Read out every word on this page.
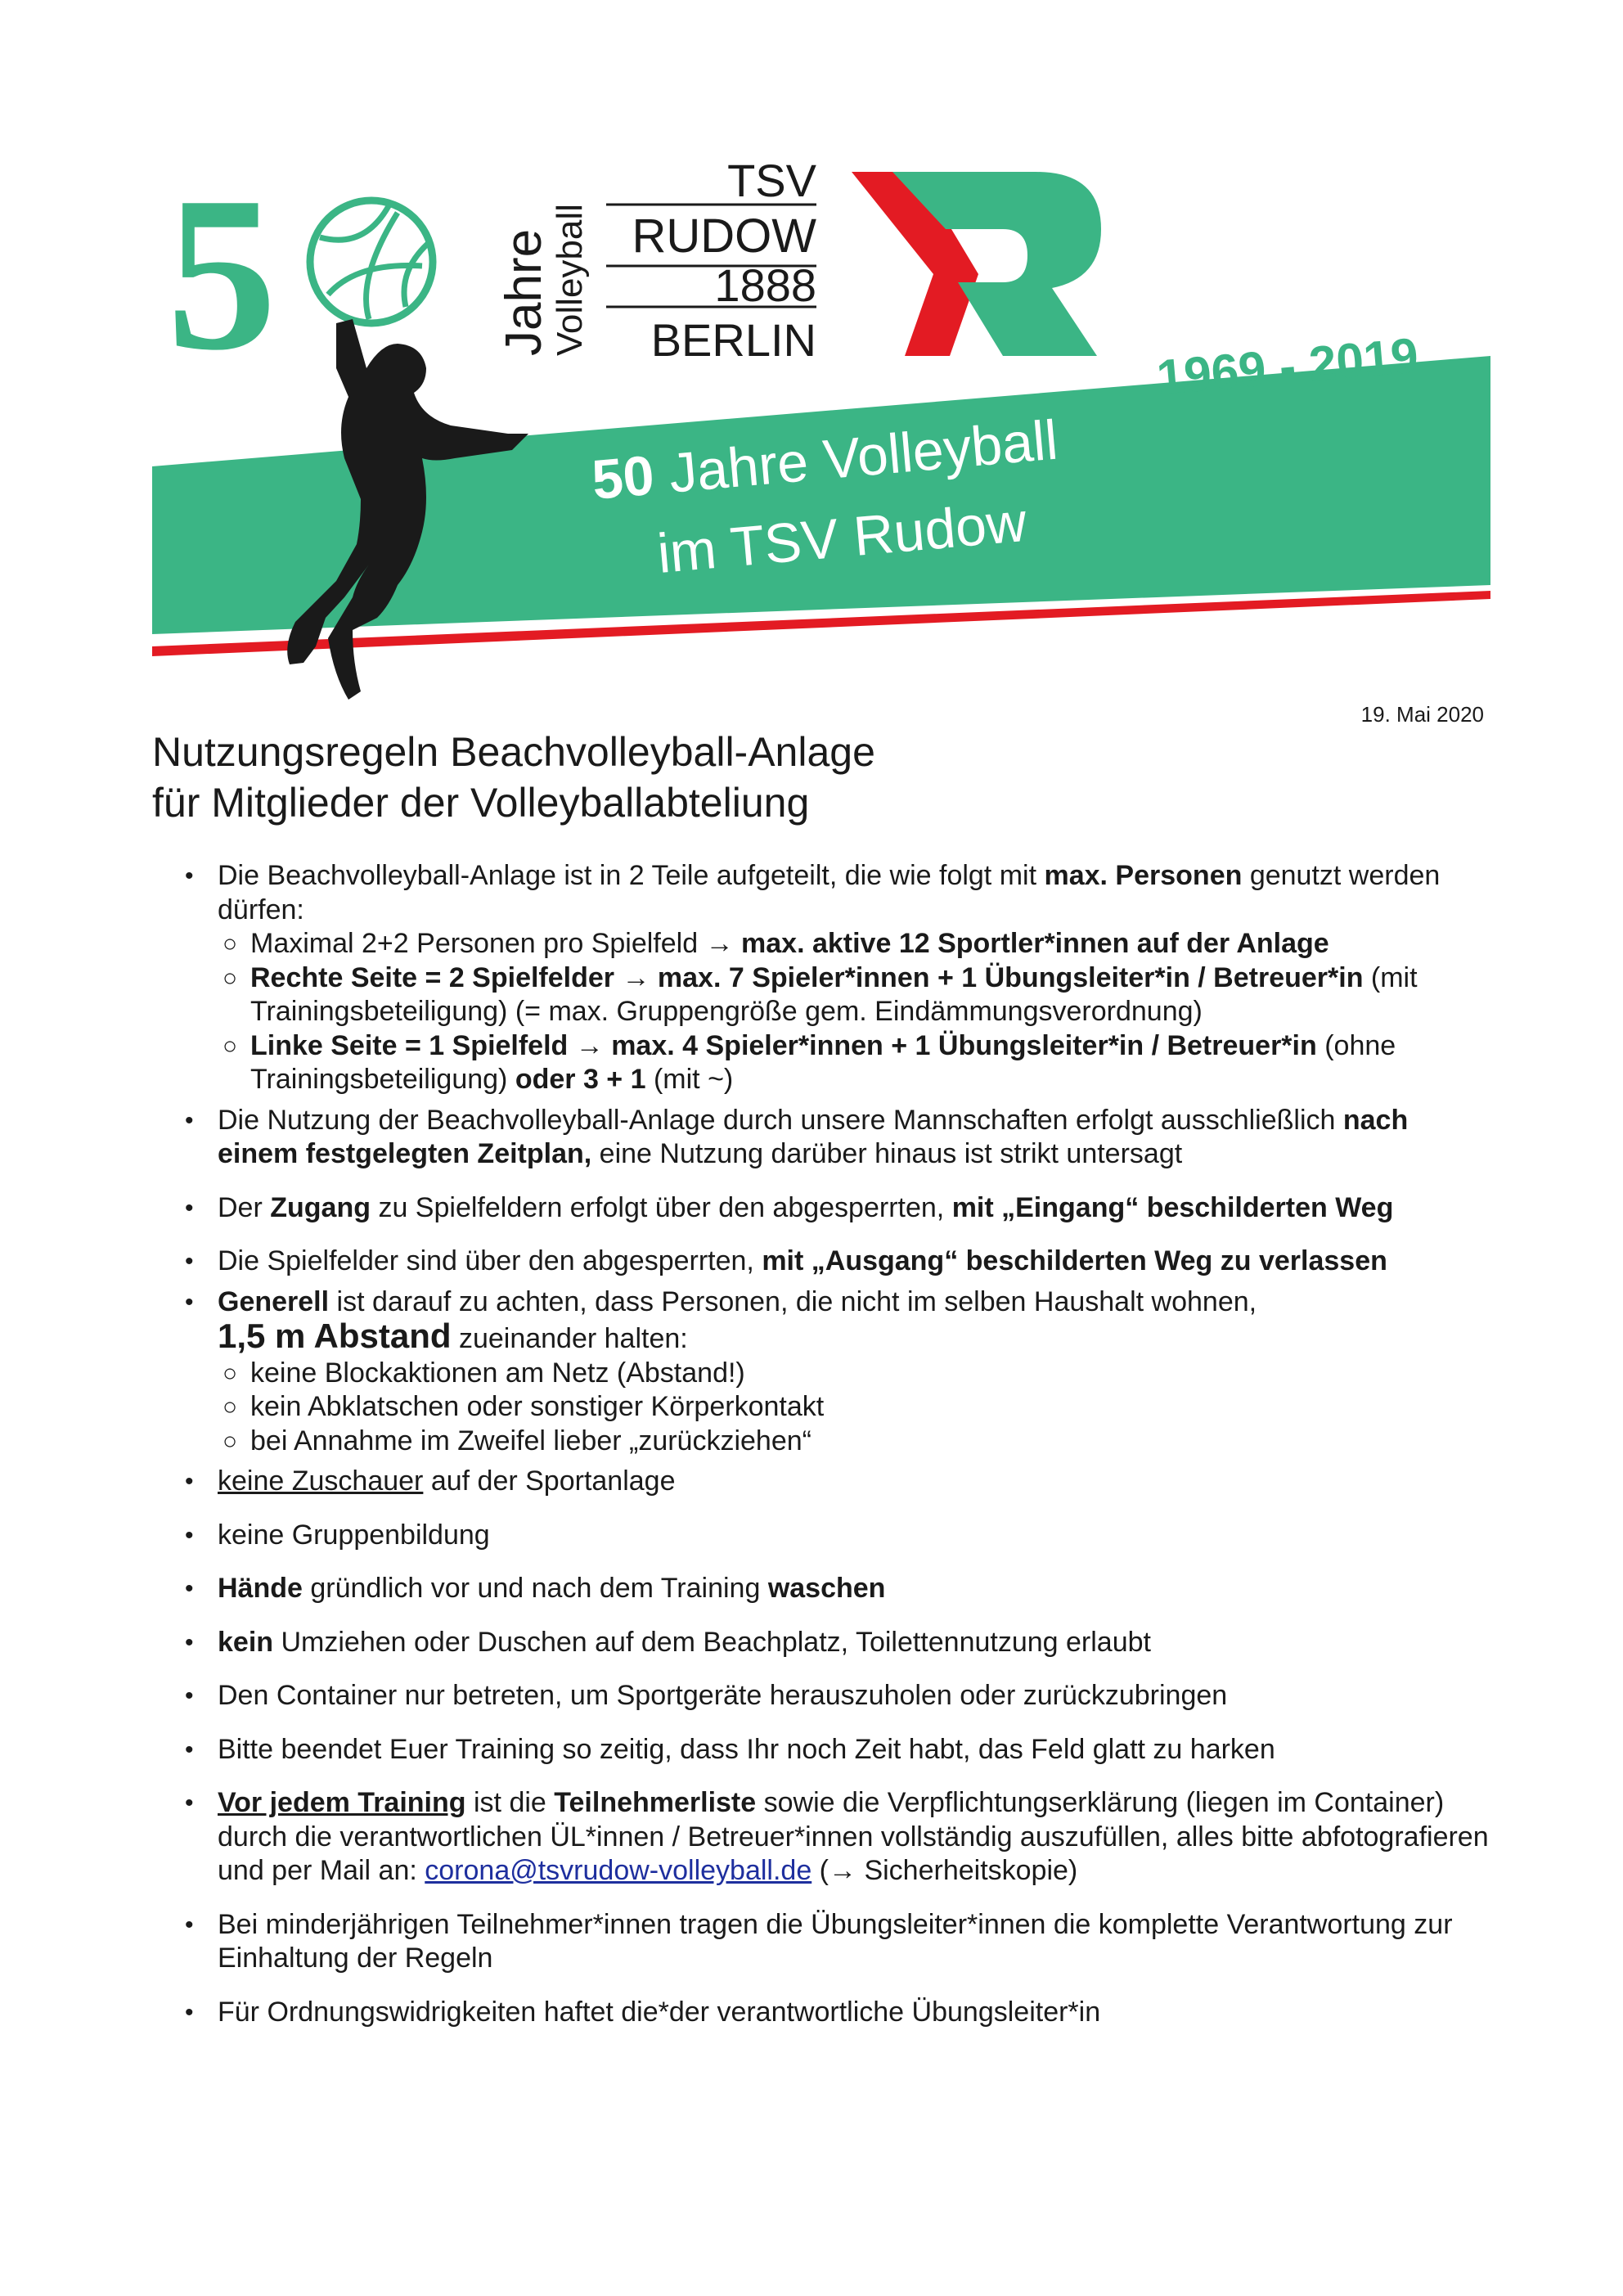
5	Jahre
Volleyball
TSV
RUDOW
1888
BERLIN	1969 - 2019
50 Jahre Volleyball
im TSV Rudow
19. Mai 2020
Nutzungsregeln Beachvolleyball-Anlage
für Mitglieder der Volleyballabteliung

• Die Beachvolleyball-Anlage ist in 2 Teile aufgeteilt, die wie folgt mit max. Personen genutzt werden dürfen:

○ Maximal 2+2 Personen pro Spielfeld → max. aktive 12 Sportler*innen auf der Anlage

○ Rechte Seite = 2 Spielfelder → max. 7 Spieler*innen + 1 Übungsleiter*in / Betreuer*in (mit Trainingsbeteiligung) (= max. Gruppengröße gem. Eindämmungsverordnung)

○ Linke Seite = 1 Spielfeld → max. 4 Spieler*innen + 1 Übungsleiter*in / Betreuer*in (ohne Trainingsbeteiligung) oder 3 + 1 (mit ~)

• Die Nutzung der Beachvolleyball-Anlage durch unsere Mannschaften erfolgt ausschließlich nach einem festgelegten Zeitplan, eine Nutzung darüber hinaus ist strikt untersagt

• Der Zugang zu Spielfeldern erfolgt über den abgesperrten, mit „Eingang“ beschilderten Weg

• Die Spielfelder sind über den abgesperrten, mit „Ausgang“ beschilderten Weg zu verlassen

• Generell ist darauf zu achten, dass Personen, die nicht im selben Haushalt wohnen,
1,5 m Abstand zueinander halten:

○ keine Blockaktionen am Netz (Abstand!)

○ kein Abklatschen oder sonstiger Körperkontakt

○ bei Annahme im Zweifel lieber „zurückziehen“

• keine Zuschauer auf der Sportanlage

• keine Gruppenbildung

• Hände gründlich vor und nach dem Training waschen

• kein Umziehen oder Duschen auf dem Beachplatz, Toilettennutzung erlaubt

• Den Container nur betreten, um Sportgeräte herauszuholen oder zurückzubringen

• Bitte beendet Euer Training so zeitig, dass Ihr noch Zeit habt, das Feld glatt zu harken

• Vor jedem Training ist die Teilnehmerliste sowie die Verpflichtungserklärung (liegen im Container) durch die verantwortlichen ÜL*innen / Betreuer*innen vollständig auszufüllen, alles bitte abfotografieren und per Mail an: corona@tsvrudow-volleyball.de (→ Sicherheitskopie)

• Bei minderjährigen Teilnehmer*innen tragen die Übungsleiter*innen die komplette Verantwortung zur Einhaltung der Regeln

• Für Ordnungswidrigkeiten haftet die*der verantwortliche Übungsleiter*in
